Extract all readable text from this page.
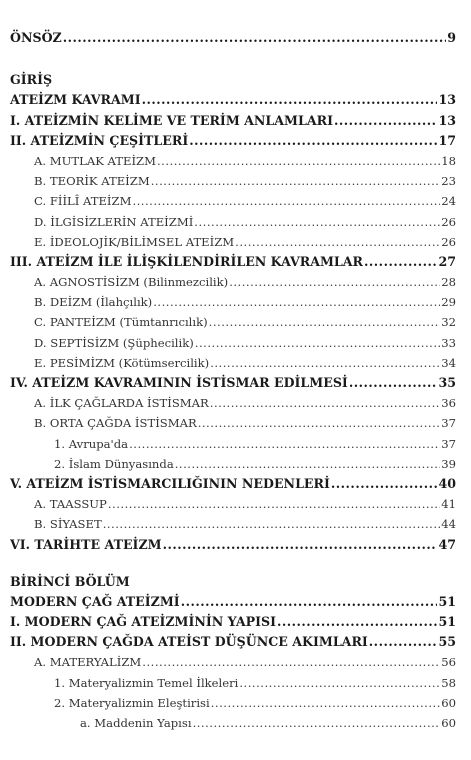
ÖNSÖZ .....	9
GİRİŞ
ATEİZM KAVRAMI .....	13
I. ATEİZMİN KELİME VE TERİM ANLAMLARI .....	13
II. ATEİZMİN ÇEŞİTLERİ .....	17
A. MUTLAK ATEİZM .....	18
B. TEORİK ATEİZM .....	23
C. FİİLÎ ATEİZM .....	24
D. İLGİSİZLERİN ATEİZMİ .....	26
E. İDEOLOJİK/BİLİMSEL ATEİZM .....	26
III. ATEİZM İLE İLİŞKİLENDİRİLEN KAVRAMLAR .....	27
A. AGNOSTİSİZM (Bilinmezcilik) .....	28
B. DEİZM (İlahçılık) .....	29
C. PANTEİZM (Tümtanrıcılık) .....	32
D. SEPTİSİZM (Şüphecilik) .....	33
E. PESİMİZM (Kötümsercilik) .....	34
IV. ATEİZM KAVRAMININ İSTİSMAR EDİLMESİ .....	35
A. İLK ÇAĞLARDA İSTİSMAR .....	36
B. ORTA ÇAĞDA İSTİSMAR .....	37
1. Avrupa'da .....	37
2. İslam Dünyasında .....	39
V. ATEİZM İSTİSMARCILIĞININ NEDENLERİ .....	40
A. TAASSUP .....	41
B. SİYASET .....	44
VI. TARİHTE ATEİZM .....	47
BİRİNCİ BÖLÜM
MODERN ÇAĞ ATEİZMİ .....	51
I. MODERN ÇAĞ ATEİZMİNİN YAPISI .....	51
II. MODERN ÇAĞDA ATEİST DÜŞÜNCE AKIMLARI .....	55
A. MATERYALİZM .....	56
1. Materyalizmin Temel İlkeleri .....	58
2. Materyalizmin Eleştirisi .....	60
a. Maddenin Yapısı .....	60
